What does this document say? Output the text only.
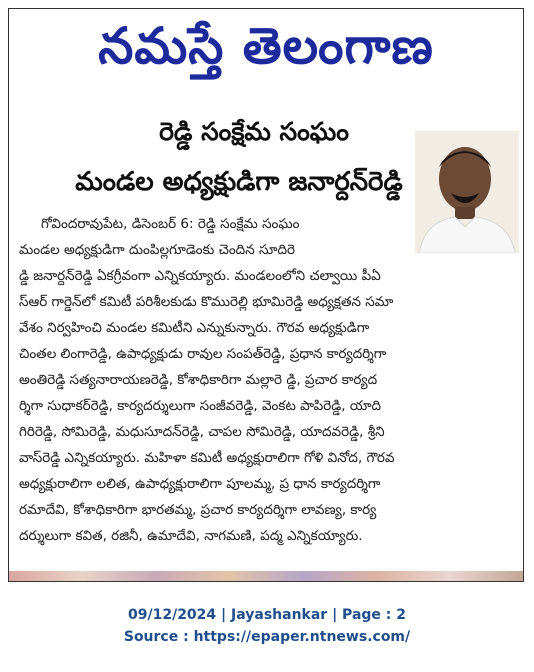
నమస్తే తెలంగాణ
రెడ్డి సంక్షేమ సంఘం
మండల అధ్యక్షుడిగా జనార్దన్‌రెడ్డి
గోవిందరావుపేట, డిసెంబర్ 6: రెడ్డి సంక్షేమ సంఘం
మండల అధ్యక్షుడిగా దుంపిల్లగూడెంకు చెందిన సూదిరె
డ్డి జనార్దన్‌రెడ్డి ఏకగ్రీవంగా ఎన్నికయ్యారు. మండలంలోని చల్వాయి పీఏ
స్‌ఆర్ గార్డెన్‌లో కమిటీ పరిశీలకుడు కొమురెల్లి భూమిరెడ్డి అధ్యక్షతన సమా
వేశం నిర్వహించి మండల కమిటీని ఎన్నుకున్నారు. గౌరవ అధ్యక్షుడిగా
చింతల లింగారెడ్డి, ఉపాధ్యక్షుడు రావుల సంపత్‌రెడ్డి, ప్రధాన కార్యదర్శిగా
అంతిరెడ్డి సత్యనారాయణరెడ్డి, కోశాధికారిగా మల్లారె డ్డి, ప్రచార కార్యద
ర్శిగా సుధాకర్‌రెడ్డి, కార్యదర్శులుగా సంజీవరెడ్డి, వెంకట పాపిరెడ్డి, యాది
గిరిరెడ్డి, సోమిరెడ్డి, మధుసూదన్‌రెడ్డి, చాపల సోమిరెడ్డి, యాదవరెడ్డి, శ్రీని
వాస్‌రెడ్డి ఎన్నికయ్యారు. మహిళా కమిటీ అధ్యక్షురాలిగా గోళి వినోద, గౌరవ
అధ్యక్షురాలిగా లలిత, ఉపాధ్యక్షురాలిగా పూలమ్మ, ప్ర ధాన కార్యదర్శిగా
రమాదేవి, కోశాధికారిగా భారతమ్మ, ప్రచార కార్యదర్శిగా లావణ్య, కార్య
దర్శులుగా కవిత, రజినీ, ఉమాదేవి, నాగమణి, పద్మ ఎన్నికయ్యారు.
09/12/2024 | Jayashankar | Page : 2
Source : https://epaper.ntnews.com/
